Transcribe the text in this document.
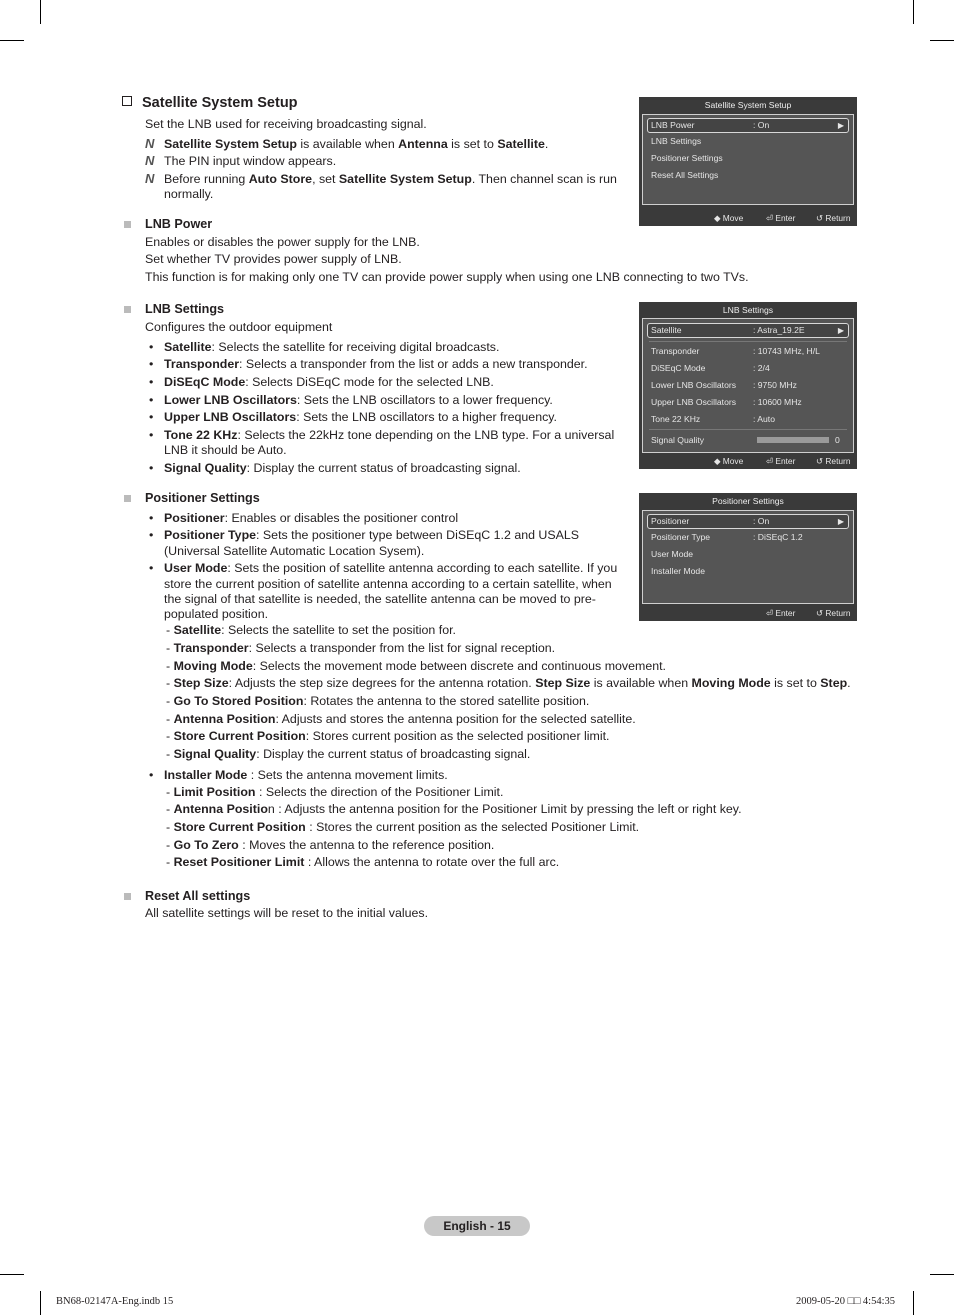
Satellite System Setup
Set the LNB used for receiving broadcasting signal.
N Satellite System Setup is available when Antenna is set to Satellite.
N The PIN input window appears.
N Before running Auto Store, set Satellite System Setup. Then channel scan is run
normally.
Satellite System Setup
LNB Power	: On	▶
LNB Settings
Positioner Settings
Reset All Settings
◆ Move	⏎ Enter ↺ Return
LNB Power
Enables or disables the power supply for the LNB.
Set whether TV provides power supply of LNB.
This function is for making only one TV can provide power supply when using one LNB connecting to two TVs.
LNB Settings
Configures the outdoor equipment
• Satellite: Selects the satellite for receiving digital broadcasts.
• Transponder: Selects a transponder from the list or adds a new transponder.
• DiSEqC Mode: Selects DiSEqC mode for the selected LNB.
• Lower LNB Oscillators: Sets the LNB oscillators to a lower frequency.
• Upper LNB Oscillators: Sets the LNB oscillators to a higher frequency.
• Tone 22 KHz: Selects the 22kHz tone depending on the LNB type. For a universal
LNB it should be Auto.
• Signal Quality: Display the current status of broadcasting signal.
LNB Settings
Satellite	: Astra_19.2E	▶
Transponder	: 10743 MHz, H/L
DiSEqC Mode	: 2/4
Lower LNB Oscillators : 9750 MHz
Upper LNB Oscillators : 10600 MHz
Tone 22 KHz	: Auto
Signal Quality	0
◆ Move	⏎ Enter ↺ Return
Positioner Settings
• Positioner: Enables or disables the positioner control
• Positioner Type: Sets the positioner type between DiSEqC 1.2 and USALS
(Universal Satellite Automatic Location Sysem).
• User Mode: Sets the position of satellite antenna according to each satellite. If you
store the current position of satellite antenna according to a certain satellite, when
the signal of that satellite is needed, the satellite antenna can be moved to pre-
populated position.
- Satellite: Selects the satellite to set the position for.
- Transponder: Selects a transponder from the list for signal reception.
- Moving Mode: Selects the movement mode between discrete and continuous movement.
- Step Size: Adjusts the step size degrees for the antenna rotation. Step Size is available when Moving Mode is set to Step.
- Go To Stored Position: Rotates the antenna to the stored satellite position.
- Antenna Position: Adjusts and stores the antenna position for the selected satellite.
- Store Current Position: Stores current position as the selected positioner limit.
- Signal Quality: Display the current status of broadcasting signal.
• Installer Mode : Sets the antenna movement limits.
- Limit Position : Selects the direction of the Positioner Limit.
- Antenna Position : Adjusts the antenna position for the Positioner Limit by pressing the left or right key.
- Store Current Position : Stores the current position as the selected Positioner Limit.
- Go To Zero : Moves the antenna to the reference position.
- Reset Positioner Limit : Allows the antenna to rotate over the full arc.
Positioner Settings
Positioner	: On	▶
Positioner Type	: DiSEqC 1.2
User Mode
Installer Mode
⏎ Enter ↺ Return
Reset All settings
All satellite settings will be reset to the initial values.
English - 15
BN68-02147A-Eng.indb 15	2009-05-20 □□ 4:54:35
